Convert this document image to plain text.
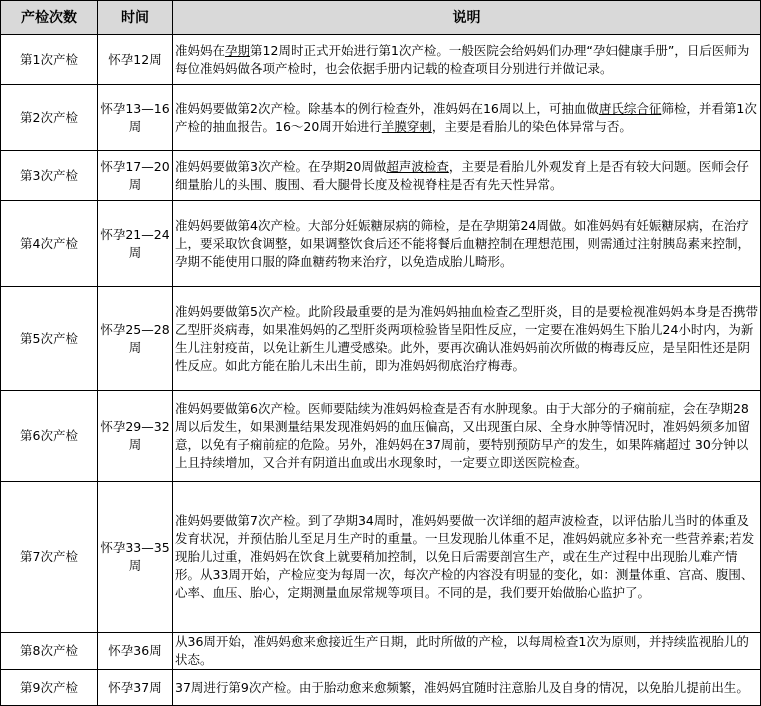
产检次数	时间	说明
第1次产检	怀孕12周	准妈妈在孕期第12周时正式开始进行第1次产检。一般医院会给妈妈们办理“孕妇健康手册”，日后医师为每位准妈妈做各项产检时，也会依据手册内记载的检查项目分别进行并做记录。
第2次产检	怀孕13—16周	准妈妈要做第2次产检。除基本的例行检查外，准妈妈在16周以上，可抽血做唐氏综合征筛检，并看第1次产检的抽血报告。16～20周开始进行羊膜穿刺，主要是看胎儿的染色体异常与否。
第3次产检	怀孕17—20周	准妈妈要做第3次产检。在孕期20周做超声波检查，主要是看胎儿外观发育上是否有较大问题。医师会仔细量胎儿的头围、腹围、看大腿骨长度及检视脊柱是否有先天性异常。
第4次产检	怀孕21—24周	准妈妈要做第4次产检。大部分妊娠糖尿病的筛检，是在孕期第24周做。如准妈妈有妊娠糖尿病，在治疗上，要采取饮食调整，如果调整饮食后还不能将餐后血糖控制在理想范围，则需通过注射胰岛素来控制，孕期不能使用口服的降血糖药物来治疗，以免造成胎儿畸形。
第5次产检	怀孕25—28周	准妈妈要做第5次产检。此阶段最重要的是为准妈妈抽血检查乙型肝炎，目的是要检视准妈妈本身是否携带乙型肝炎病毒，如果准妈妈的乙型肝炎两项检验皆呈阳性反应，一定要在准妈妈生下胎儿24小时内，为新生儿注射疫苗，以免让新生儿遭受感染。此外，要再次确认准妈妈前次所做的梅毒反应，是呈阳性还是阴性反应。如此方能在胎儿未出生前，即为准妈妈彻底治疗梅毒。
第6次产检	怀孕29—32周	准妈妈要做第6次产检。医师要陆续为准妈妈检查是否有水肿现象。由于大部分的子痫前症，会在孕期28周以后发生，如果测量结果发现准妈妈的血压偏高，又出现蛋白尿、全身水肿等情况时，准妈妈须多加留意，以免有子痫前症的危险。另外，准妈妈在37周前，要特别预防早产的发生，如果阵痛超过 30分钟以上且持续增加，又合并有阴道出血或出水现象时，一定要立即送医院检查。
第7次产检	怀孕33—35周	准妈妈要做第7次产检。到了孕期34周时，准妈妈要做一次详细的超声波检查，以评估胎儿当时的体重及发育状况，并预估胎儿至足月生产时的重量。一旦发现胎儿体重不足，准妈妈就应多补充一些营养素;若发现胎儿过重，准妈妈在饮食上就要稍加控制，以免日后需要剖宫生产，或在生产过程中出现胎儿难产情形。从33周开始，产检应变为每周一次，每次产检的内容没有明显的变化，如：测量体重、宫高、腹围、心率、血压、胎心，定期测量血尿常规等项目。不同的是，我们要开始做胎心监护了。
第8次产检	怀孕36周	从36周开始，准妈妈愈来愈接近生产日期，此时所做的产检，以每周检查1次为原则，并持续监视胎儿的状态。
第9次产检	怀孕37周	37周进行第9次产检。由于胎动愈来愈频繁，准妈妈宜随时注意胎儿及自身的情况，以免胎儿提前出生。
